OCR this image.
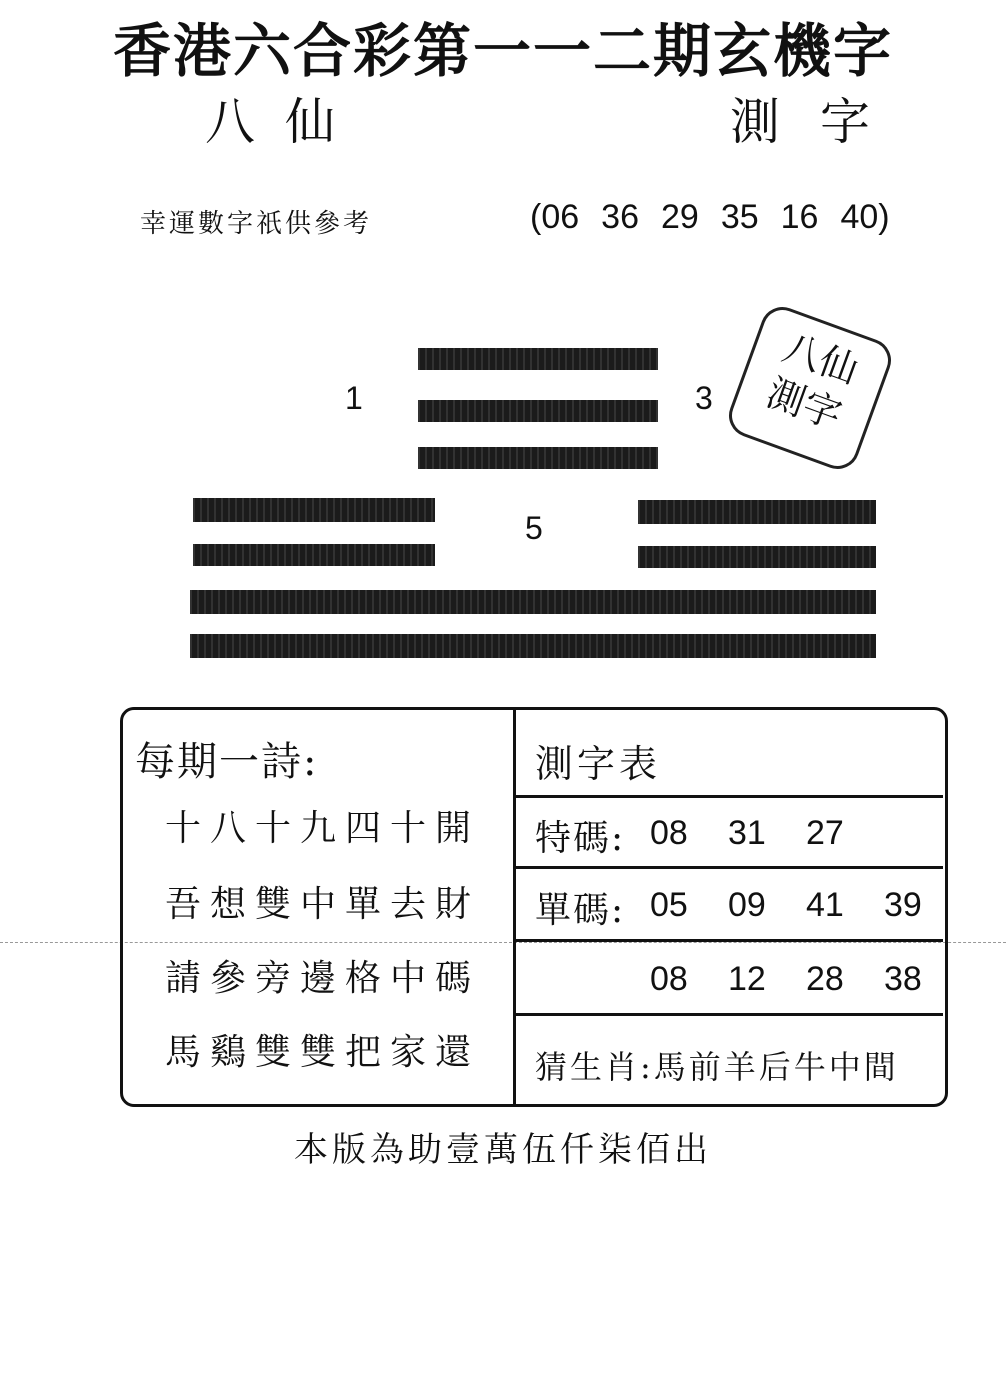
香港六合彩第一一二期玄機字
八仙	測字
幸運數字祇供參考	(06 36 29 35 16 40)
1	3
5
八仙
測字
每期一詩:
十八十九四十開
吾想雙中單去財
請參旁邊格中碼
馬鷄雙雙把家還
測字表
特碼: 08 31 27
單碼: 05 09 41 39
08 12 28 38
猜生肖:馬前羊后牛中間
本版為助壹萬伍仟柒佰出
